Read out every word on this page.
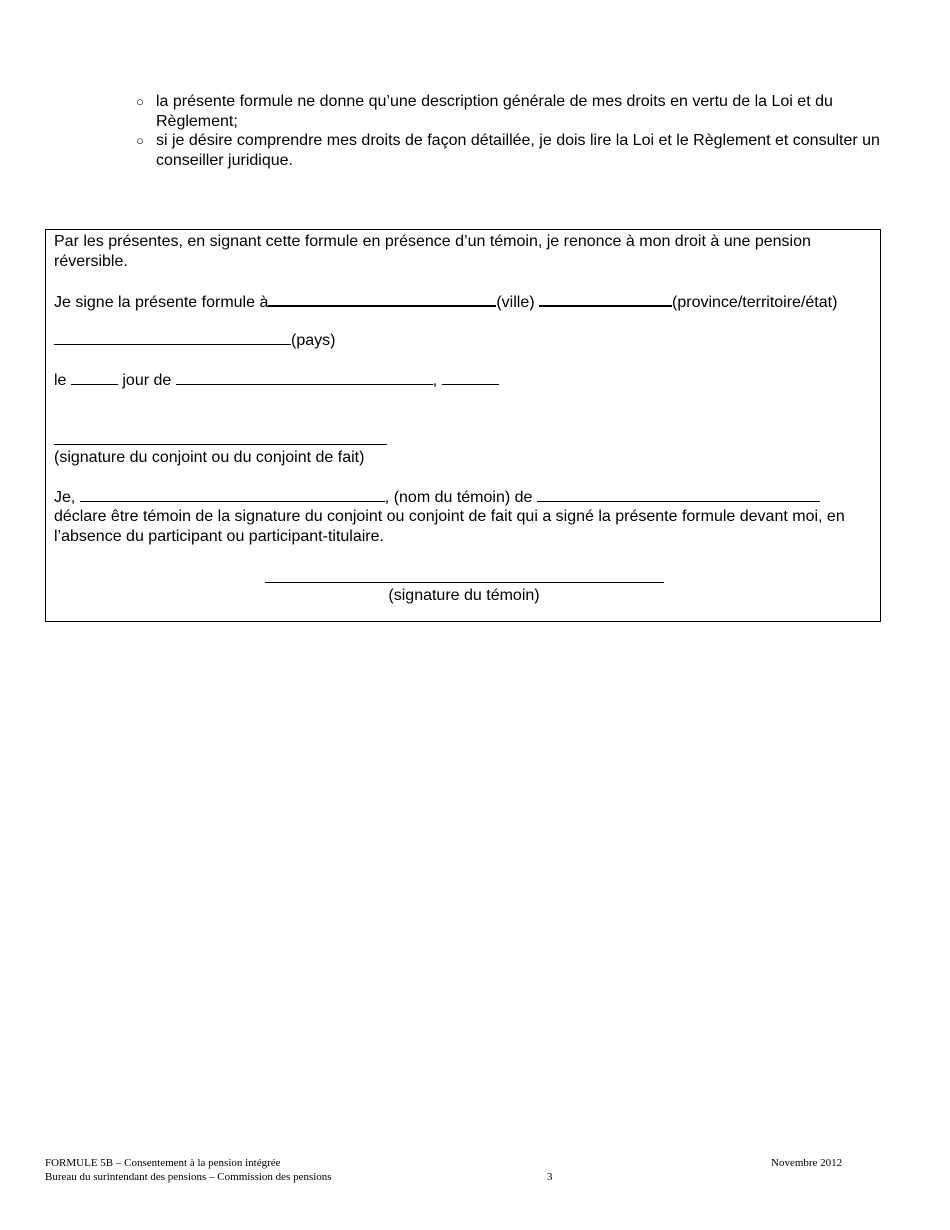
○ la présente formule ne donne qu’une description générale de mes droits en vertu de la Loi et du Règlement;
○ si je désire comprendre mes droits de façon détaillée, je dois lire la Loi et le Règlement et consulter un conseiller juridique.
Par les présentes, en signant cette formule en présence d’un témoin, je renonce à mon droit à une pension réversible.
Je signe la présente formule à	(ville)	(province/territoire/état)
(pays)
le	jour de	,
(signature du conjoint ou du conjoint de fait)
Je,	, (nom du témoin) de
déclare être témoin de la signature du conjoint ou conjoint de fait qui a signé la présente formule devant moi, en l’absence du participant ou participant-titulaire.
(signature du témoin)
FORMULE 5B – Consentement à la pension intégrée
Bureau du surintendant des pensions – Commission des pensions	3
Novembre 2012
